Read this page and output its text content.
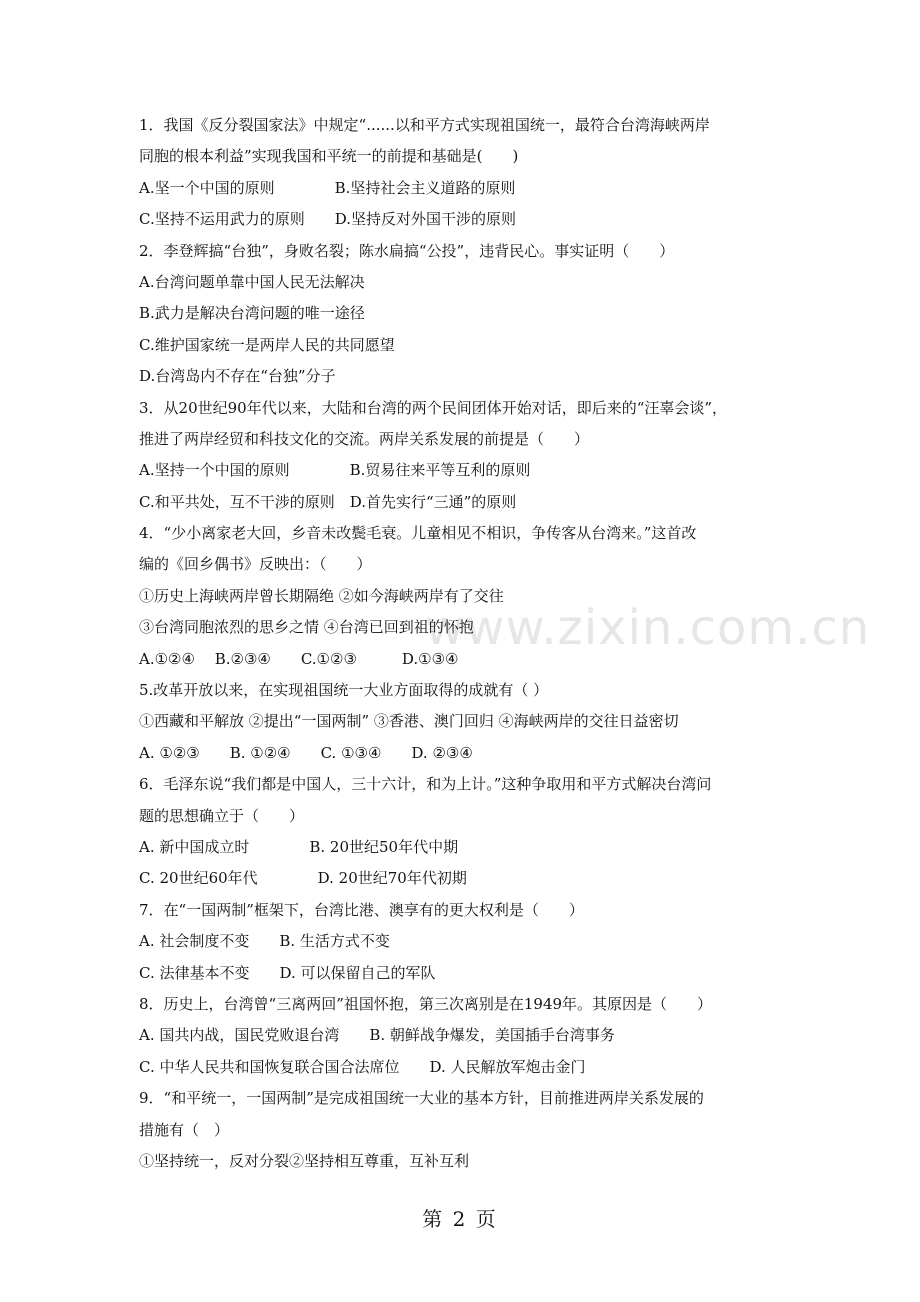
www.zixin.com.cn
1．我国《反分裂国家法》中规定“......以和平方式实现祖国统一，最符合台湾海峡两岸
同胞的根本利益”实现我国和平统一的前提和基础是(　　)
A.坚一个中国的原则　　　　B.坚持社会主义道路的原则
C.坚持不运用武力的原则　　D.坚持反对外国干涉的原则
2．李登辉搞“台独”，身败名裂；陈水扁搞“公投”，违背民心。事实证明（　　）
A.台湾问题单靠中国人民无法解决
B.武力是解决台湾问题的唯一途径
C.维护国家统一是两岸人民的共同愿望
D.台湾岛内不存在“台独”分子
3．从20世纪90年代以来，大陆和台湾的两个民间团体开始对话，即后来的“汪辜会谈”，
推进了两岸经贸和科技文化的交流。两岸关系发展的前提是（　　）
A.坚持一个中国的原则　　　　B.贸易往来平等互利的原则
C.和平共处，互不干涉的原则　D.首先实行“三通”的原则
4．“少小离家老大回，乡音未改鬓毛衰。儿童相见不相识，争传客从台湾来。”这首改
编的《回乡偶书》反映出：（　　）
①历史上海峡两岸曾长期隔绝 ②如今海峡两岸有了交往
③台湾同胞浓烈的思乡之情 ④台湾已回到祖的怀抱
A.①②④　 B.②③④　　C.①②③　　　D.①③④
5.改革开放以来，在实现祖国统一大业方面取得的成就有（ ）
①西藏和平解放 ②提出“一国两制” ③香港、澳门回归 ④海峡两岸的交往日益密切
A. ①②③　　B. ①②④　　C. ①③④　　D. ②③④
6．毛泽东说“我们都是中国人，三十六计，和为上计。”这种争取用和平方式解决台湾问
题的思想确立于（　　）
A. 新中国成立时　　　　B. 20世纪50年代中期
C. 20世纪60年代　　　　D. 20世纪70年代初期
7．在“一国两制”框架下，台湾比港、澳享有的更大权利是（　　）
A. 社会制度不变　　B. 生活方式不变
C. 法律基本不变　　D. 可以保留自己的军队
8．历史上，台湾曾“三离两回”祖国怀抱，第三次离别是在1949年。其原因是（　　）
A. 国共内战，国民党败退台湾　　B. 朝鲜战争爆发，美国插手台湾事务
C. 中华人民共和国恢复联合国合法席位　　D. 人民解放军炮击金门
9．“和平统一，一国两制”是完成祖国统一大业的基本方针，目前推进两岸关系发展的
措施有（　）
①坚持统一，反对分裂②坚持相互尊重，互补互利
第 2 页
